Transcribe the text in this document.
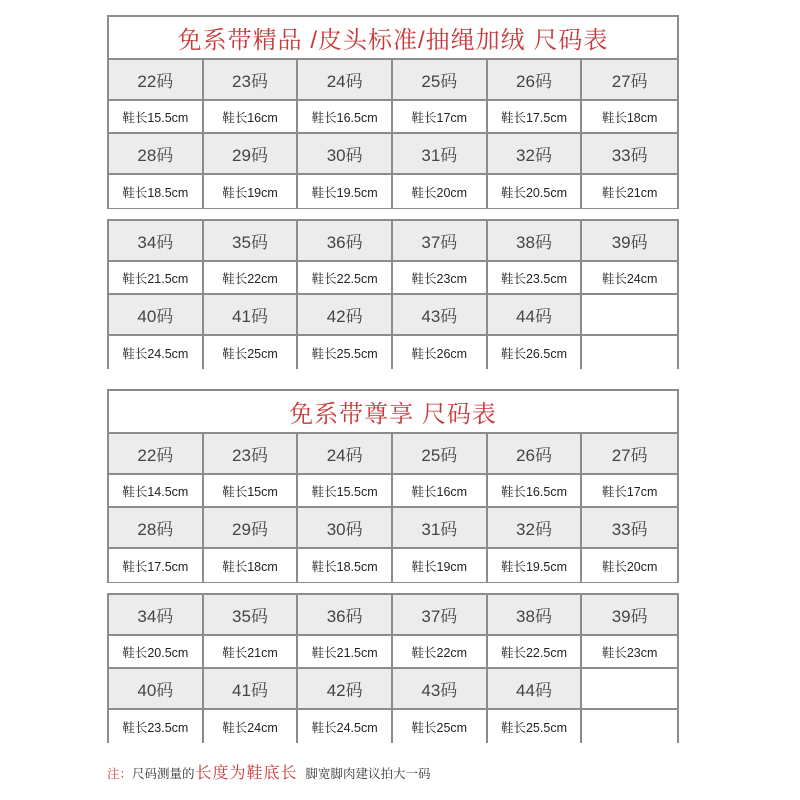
免系带精品 /皮头标准/抽绳加绒 尺码表
22码	23码	24码	25码	26码	27码
鞋长15.5cm	鞋长16cm	鞋长16.5cm	鞋长17cm	鞋长17.5cm	鞋长18cm
28码	29码	30码	31码	32码	33码
鞋长18.5cm	鞋长19cm	鞋长19.5cm	鞋长20cm	鞋长20.5cm	鞋长21cm
34码	35码	36码	37码	38码	39码
鞋长21.5cm	鞋长22cm	鞋长22.5cm	鞋长23cm	鞋长23.5cm	鞋长24cm
40码	41码	42码	43码	44码
鞋长24.5cm	鞋长25cm	鞋长25.5cm	鞋长26cm	鞋长26.5cm
免系带尊享 尺码表
22码	23码	24码	25码	26码	27码
鞋长14.5cm	鞋长15cm	鞋长15.5cm	鞋长16cm	鞋长16.5cm	鞋长17cm
28码	29码	30码	31码	32码	33码
鞋长17.5cm	鞋长18cm	鞋长18.5cm	鞋长19cm	鞋长19.5cm	鞋长20cm
34码	35码	36码	37码	38码	39码
鞋长20.5cm	鞋长21cm	鞋长21.5cm	鞋长22cm	鞋长22.5cm	鞋长23cm
40码	41码	42码	43码	44码
鞋长23.5cm	鞋长24cm	鞋长24.5cm	鞋长25cm	鞋长25.5cm
注： 尺码测量的 长度为鞋底长 脚宽脚肉建议拍大一码
